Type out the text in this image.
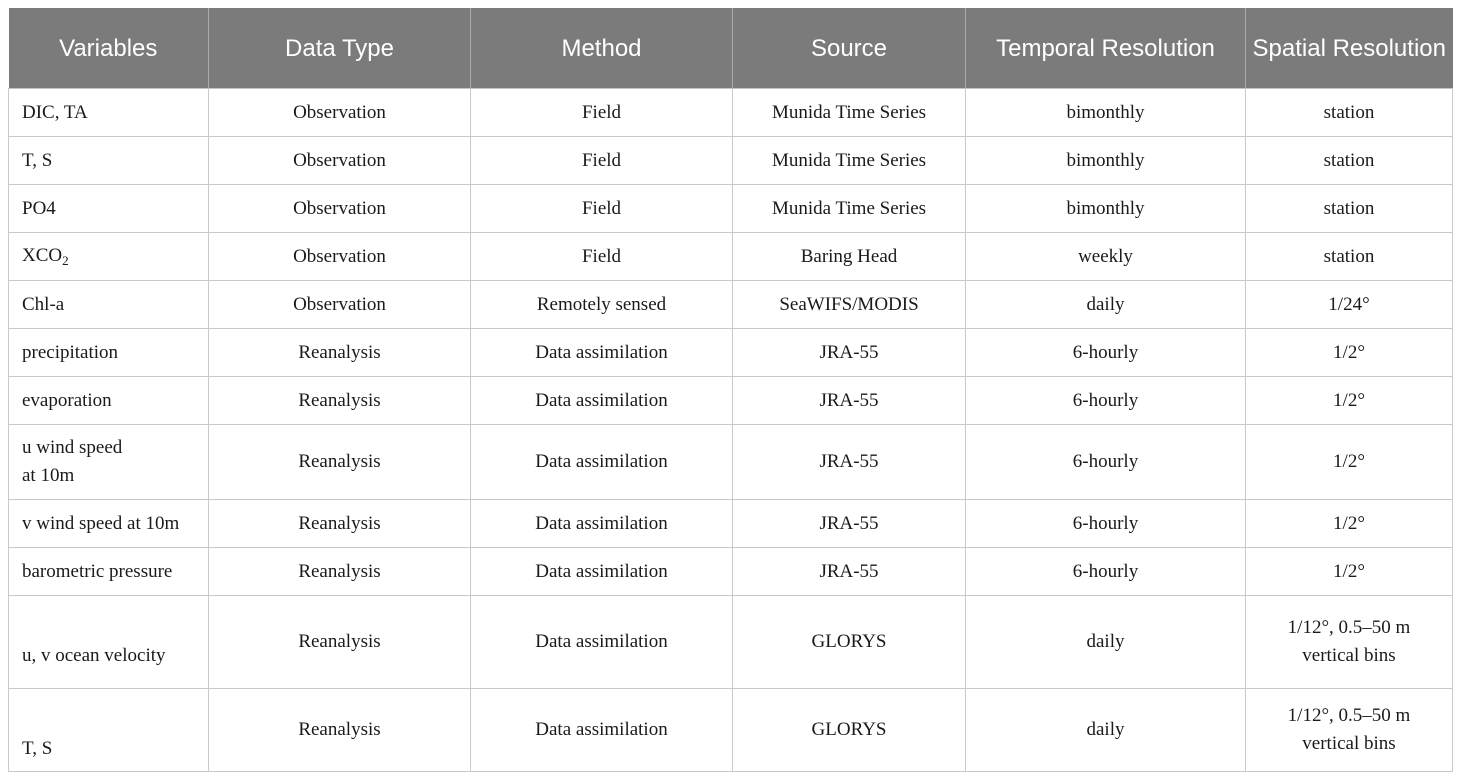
Variables	Data Type	Method	Source	Temporal Resolution	Spatial Resolution
DIC, TA	Observation	Field	Munida Time Series	bimonthly	station
T, S	Observation	Field	Munida Time Series	bimonthly	station
PO4	Observation	Field	Munida Time Series	bimonthly	station
$XCO_2$	Observation	Field	Baring Head	weekly	station
Chl-a	Observation	Remotely sensed	SeaWIFS/MODIS	daily	1/24°
precipitation	Reanalysis	Data assimilation	JRA-55	6-hourly	1/2°
evaporation	Reanalysis	Data assimilation	JRA-55	6-hourly	1/2°

u wind speed
at 10m	Reanalysis	Data assimilation	JRA-55	6-hourly	1/2°
v wind speed at 10m	Reanalysis	Data assimilation	JRA-55	6-hourly	1/2°
barometric pressure	Reanalysis	Data assimilation	JRA-55	6-hourly	1/2°
u, v ocean velocity	Reanalysis	Data assimilation	GLORYS	daily	1/12°, 0.5–50 m
vertical bins

T, S	Reanalysis	Data assimilation	GLORYS	daily	1/12°, 0.5–50 m
vertical bins
